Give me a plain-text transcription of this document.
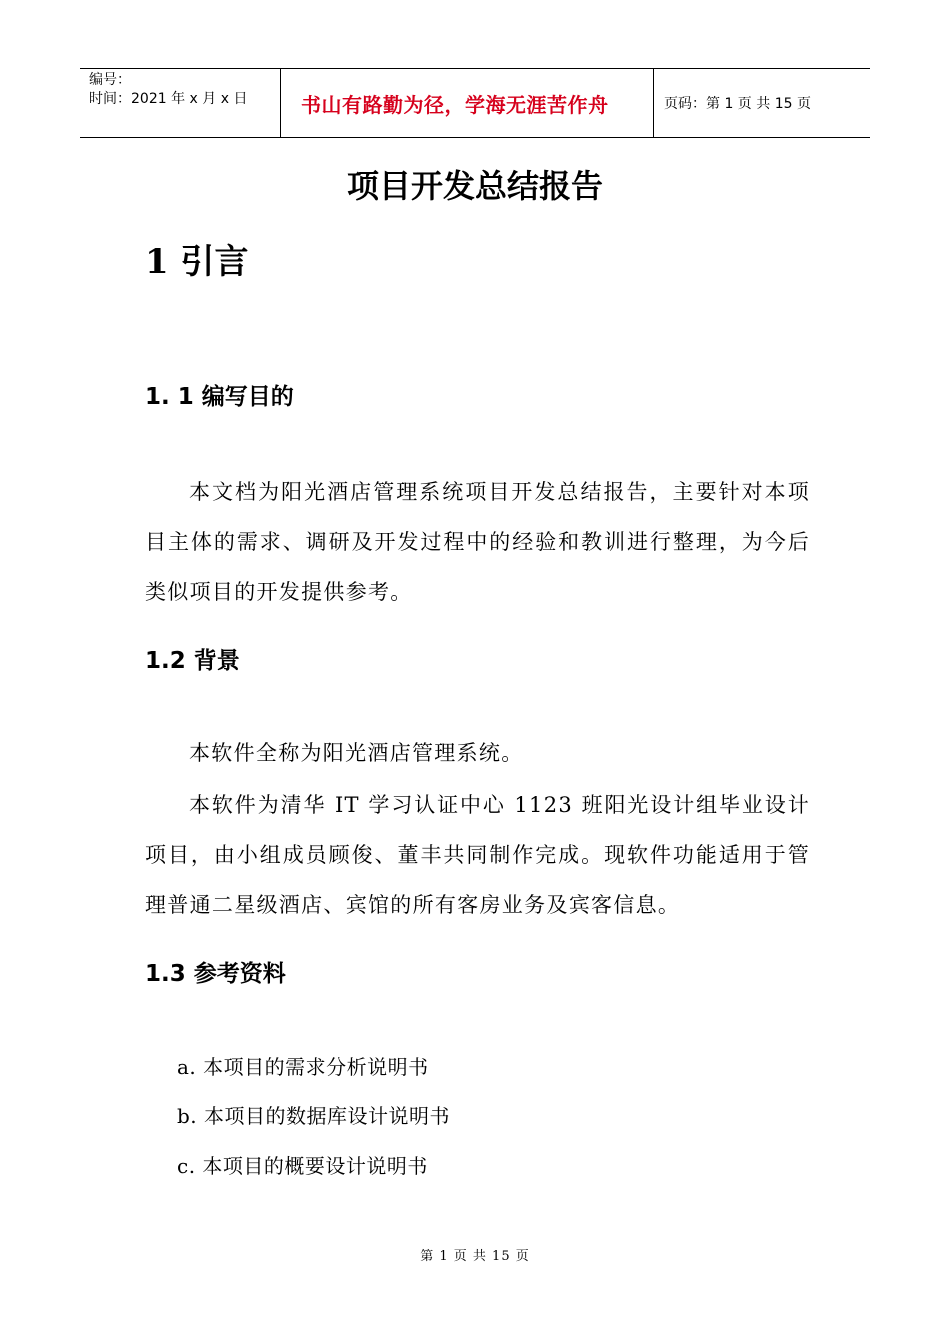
编号：
时间：2021 年 x 月 x 日	书山有路勤为径，学海无涯苦作舟	页码：第 1 页 共 15 页
项目开发总结报告
1 引言
1. 1 编写目的
本文档为阳光酒店管理系统项目开发总结报告，主要针对本项目主体的需求、调研及开发过程中的经验和教训进行整理，为今后类似项目的开发提供参考。
1.2 背景
本软件全称为阳光酒店管理系统。
本软件为清华 IT 学习认证中心 1123 班阳光设计组毕业设计项目，由小组成员顾俊、董丰共同制作完成。现软件功能适用于管理普通二星级酒店、宾馆的所有客房业务及宾客信息。
1.3 参考资料
a. 本项目的需求分析说明书
b. 本项目的数据库设计说明书
c. 本项目的概要设计说明书
第 1 页 共 15 页
